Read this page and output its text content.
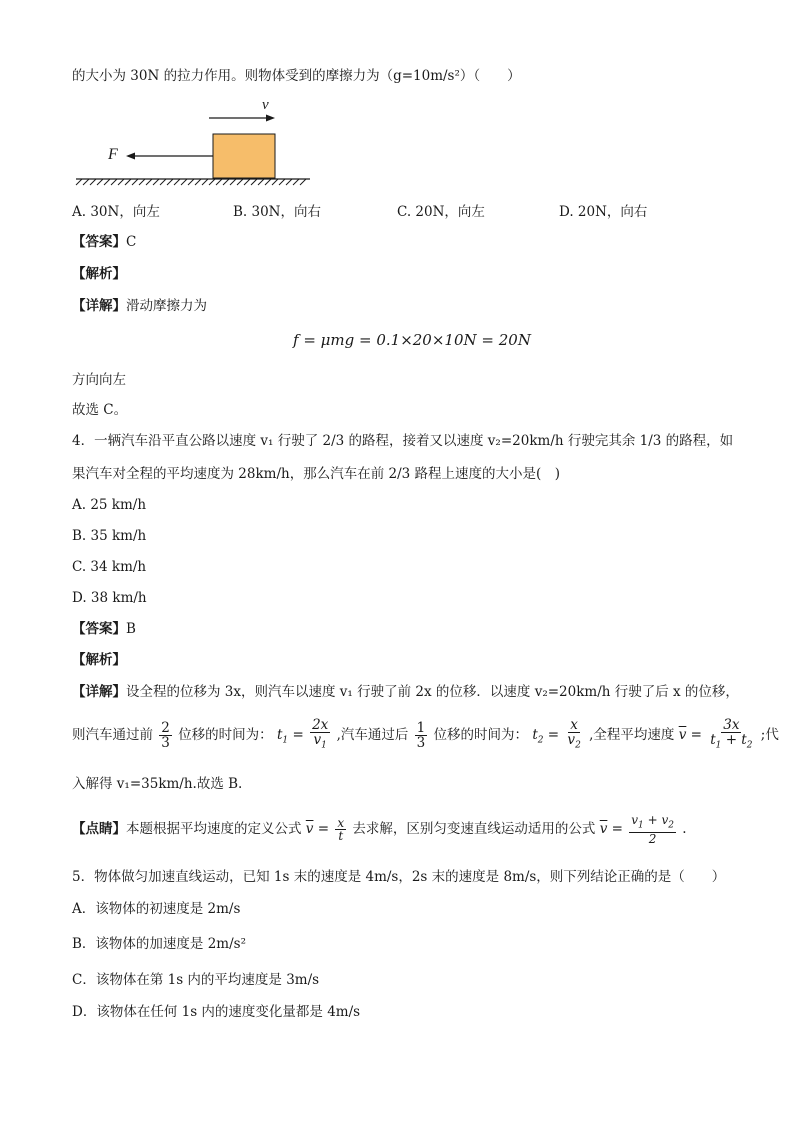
的大小为 30N 的拉力作用。则物体受到的摩擦力为（g=10m/s²）（　　）
v
F
A. 30N，向左	B. 30N，向右	C. 20N，向左	D. 20N，向右
【答案】C
【解析】
【详解】滑动摩擦力为
f = μmg = 0.1×20×10N = 20N
方向向左
故选 C。
4．一辆汽车沿平直公路以速度 v₁ 行驶了 2/3 的路程，接着又以速度 v₂=20km/h 行驶完其余 1/3 的路程，如
果汽车对全程的平均速度为 28km/h，那么汽车在前 2/3 路程上速度的大小是(　)
A. 25 km/h
B. 35 km/h
C. 34 km/h
D. 38 km/h
【答案】B
【解析】
【详解】设全程的位移为 3x，则汽车以速度 v₁ 行驶了前 2x 的位移．以速度 v₂=20km/h 行驶了后 x 的位移，
则汽车通过前 $\frac{2}{3}$ 位移的时间为： $t_1 = \frac{2x}{v_1}$ ,汽车通过后 $\frac{1}{3}$ 位移的时间为： $t_2 = \frac{x}{v_2}$ ,全程平均速度 $\overline{v} = \frac{3x}{t_1 + t_2}$ ;代
入解得 v₁=35km/h.故选 B.
【点睛】本题根据平均速度的定义公式 $\overline{v} = \frac{x}{t}$ 去求解，区别匀变速直线运动适用的公式 $\overline{v} = \frac{v_1 + v_2}{2}$ .
5．物体做匀加速直线运动，已知 1s 末的速度是 4m/s，2s 末的速度是 8m/s，则下列结论正确的是（　　）
A．该物体的初速度是 2m/s
B．该物体的加速度是 2m/s²
C．该物体在第 1s 内的平均速度是 3m/s
D．该物体在任何 1s 内的速度变化量都是 4m/s
